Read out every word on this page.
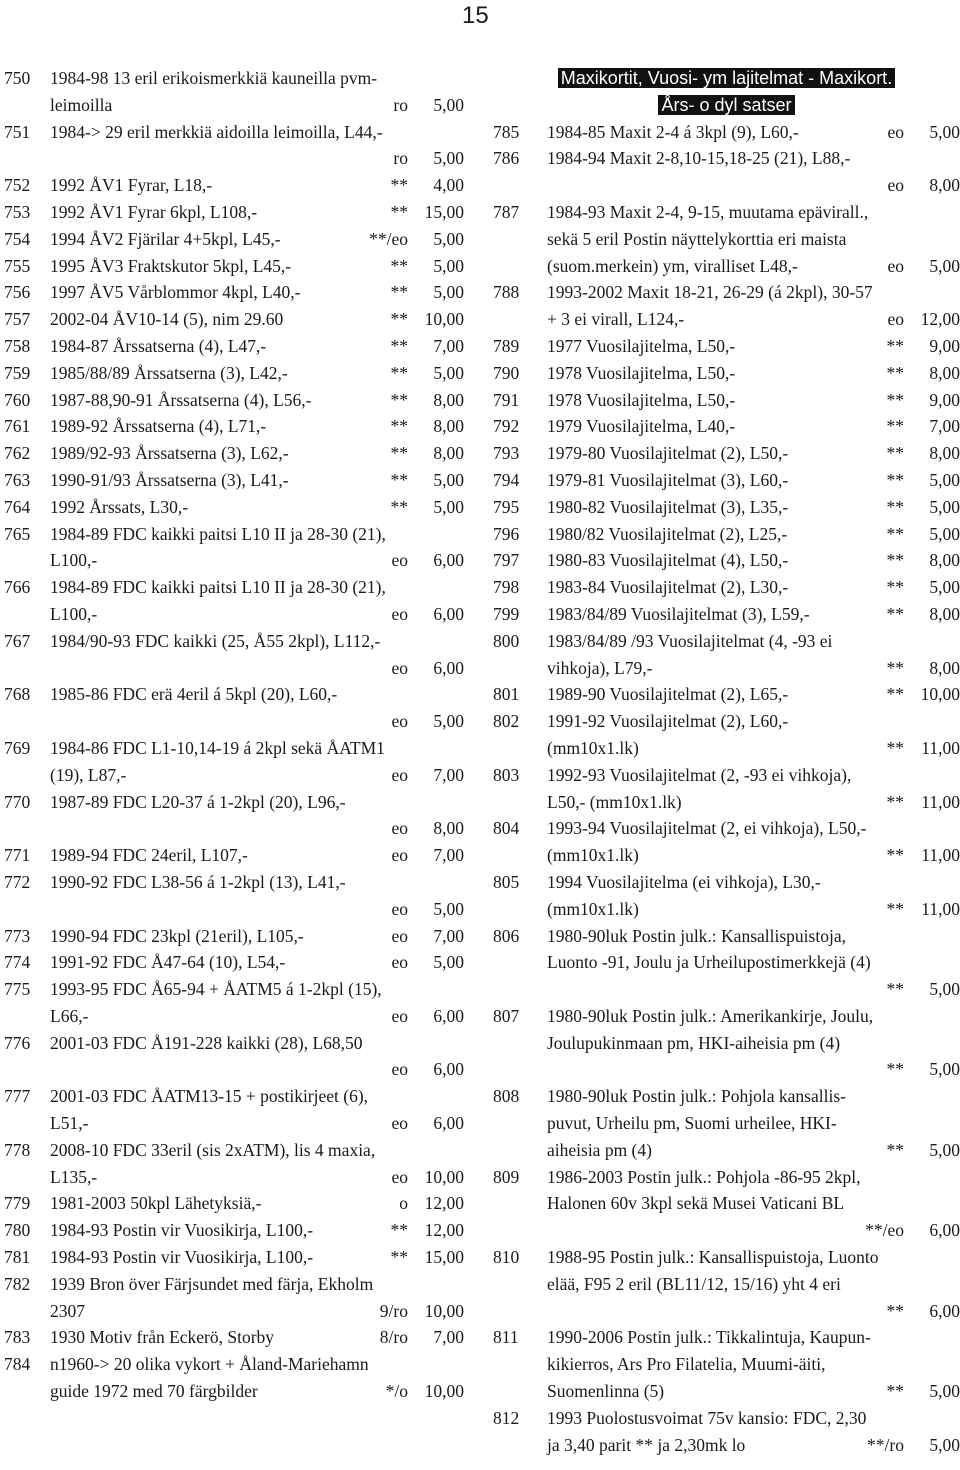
15
750 1984-98 13 eril erikoismerkkiä kauneilla pvm-
leimoilla	ro 5,00
751 1984-> 29 eril merkkiä aidoilla leimoilla, L44,-
ro 5,00
752 1992 ÅV1 Fyrar, L18,-	** 4,00
753 1992 ÅV1 Fyrar 6kpl, L108,-	** 15,00
754 1994 ÅV2 Fjärilar 4+5kpl, L45,-	**/eo 5,00
755 1995 ÅV3 Fraktskutor 5kpl, L45,-	** 5,00
756 1997 ÅV5 Vårblommor 4kpl, L40,-	** 5,00
757 2002-04 ÅV10-14 (5), nim 29.60	** 10,00
758 1984-87 Årssatserna (4), L47,-	** 7,00
759 1985/88/89 Årssatserna (3), L42,-	** 5,00
760 1987-88,90-91 Årssatserna (4), L56,-	** 8,00
761 1989-92 Årssatserna (4), L71,-	** 8,00
762 1989/92-93 Årssatserna (3), L62,-	** 8,00
763 1990-91/93 Årssatserna (3), L41,-	** 5,00
764 1992 Årssats, L30,-	** 5,00
765 1984-89 FDC kaikki paitsi L10 II ja 28-30 (21),
L100,-	eo 6,00
766 1984-89 FDC kaikki paitsi L10 II ja 28-30 (21),
L100,-	eo 6,00
767 1984/90-93 FDC kaikki (25, Å55 2kpl), L112,-
eo 6,00
768 1985-86 FDC erä 4eril á 5kpl (20), L60,-
eo 5,00
769 1984-86 FDC L1-10,14-19 á 2kpl sekä ÅATM1
(19), L87,-	eo 7,00
770 1987-89 FDC L20-37 á 1-2kpl (20), L96,-
eo 8,00
771 1989-94 FDC 24eril, L107,-	eo 7,00
772 1990-92 FDC L38-56 á 1-2kpl (13), L41,-
eo 5,00
773 1990-94 FDC 23kpl (21eril), L105,-	eo 7,00
774 1991-92 FDC Å47-64 (10), L54,-	eo 5,00
775 1993-95 FDC Å65-94 + ÅATM5 á 1-2kpl (15),
L66,-	eo 6,00
776 2001-03 FDC Å191-228 kaikki (28), L68,50
eo 6,00
777 2001-03 FDC ÅATM13-15 + postikirjeet (6),
L51,-	eo 6,00
778 2008-10 FDC 33eril (sis 2xATM), lis 4 maxia,
L135,-	eo 10,00
779 1981-2003 50kpl Lähetyksiä,-	o 12,00
780 1984-93 Postin vir Vuosikirja, L100,-	** 12,00
781 1984-93 Postin vir Vuosikirja, L100,-	** 15,00
782 1939 Bron över Färjsundet med färja, Ekholm
2307	9/ro 10,00
783 1930 Motiv från Eckerö, Storby	8/ro 7,00
784 n1960-> 20 olika vykort + Åland-Mariehamn
guide 1972 med 70 färgbilder	*/o 10,00
Maxikortit, Vuosi- ym lajitelmat - Maxikort.
Års- o dyl satser
785 1984-85 Maxit 2-4 á 3kpl (9), L60,-	eo 5,00
786 1984-94 Maxit 2-8,10-15,18-25 (21), L88,-
eo 8,00
787 1984-93 Maxit 2-4, 9-15, muutama epävirall.,
sekä 5 eril Postin näyttelykorttia eri maista
(suom.merkein) ym, viralliset L48,-	eo 5,00
788 1993-2002 Maxit 18-21, 26-29 (á 2kpl), 30-57
+ 3 ei virall, L124,-	eo 12,00
789 1977 Vuosilajitelma, L50,-	** 9,00
790 1978 Vuosilajitelma, L50,-	** 8,00
791 1978 Vuosilajitelma, L50,-	** 9,00
792 1979 Vuosilajitelma, L40,-	** 7,00
793 1979-80 Vuosilajitelmat (2), L50,-	** 8,00
794 1979-81 Vuosilajitelmat (3), L60,-	** 5,00
795 1980-82 Vuosilajitelmat (3), L35,-	** 5,00
796 1980/82 Vuosilajitelmat (2), L25,-	** 5,00
797 1980-83 Vuosilajitelmat (4), L50,-	** 8,00
798 1983-84 Vuosilajitelmat (2), L30,-	** 5,00
799 1983/84/89 Vuosilajitelmat (3), L59,-	** 8,00
800 1983/84/89 /93 Vuosilajitelmat (4, -93 ei
vihkoja), L79,-	** 8,00
801 1989-90 Vuosilajitelmat (2), L65,-	** 10,00
802 1991-92 Vuosilajitelmat (2), L60,-
(mm10x1.lk)	** 11,00
803 1992-93 Vuosilajitelmat (2, -93 ei vihkoja),
L50,- (mm10x1.lk)	** 11,00
804 1993-94 Vuosilajitelmat (2, ei vihkoja), L50,-
(mm10x1.lk)	** 11,00
805 1994 Vuosilajitelma (ei vihkoja), L30,-
(mm10x1.lk)	** 11,00
806 1980-90luk Postin julk.: Kansallispuistoja,
Luonto -91, Joulu ja Urheilupostimerkkejä (4)
** 5,00
807 1980-90luk Postin julk.: Amerikankirje, Joulu,
Joulupukinmaan pm, HKI-aiheisia pm (4)
** 5,00
808 1980-90luk Postin julk.: Pohjola kansallis-
puvut, Urheilu pm, Suomi urheilee, HKI-
aiheisia pm (4)	** 5,00
809 1986-2003 Postin julk.: Pohjola -86-95 2kpl,
Halonen 60v 3kpl sekä Musei Vaticani BL
**/eo 6,00
810 1988-95 Postin julk.: Kansallispuistoja, Luonto
elää, F95 2 eril (BL11/12, 15/16) yht 4 eri
** 6,00
811 1990-2006 Postin julk.: Tikkalintuja, Kaupun-
kikierros, Ars Pro Filatelia, Muumi-äiti,
Suomenlinna (5)	** 5,00
812 1993 Puolostusvoimat 75v kansio: FDC, 2,30
ja 3,40 parit ** ja 2,30mk lo	**/ro 5,00
